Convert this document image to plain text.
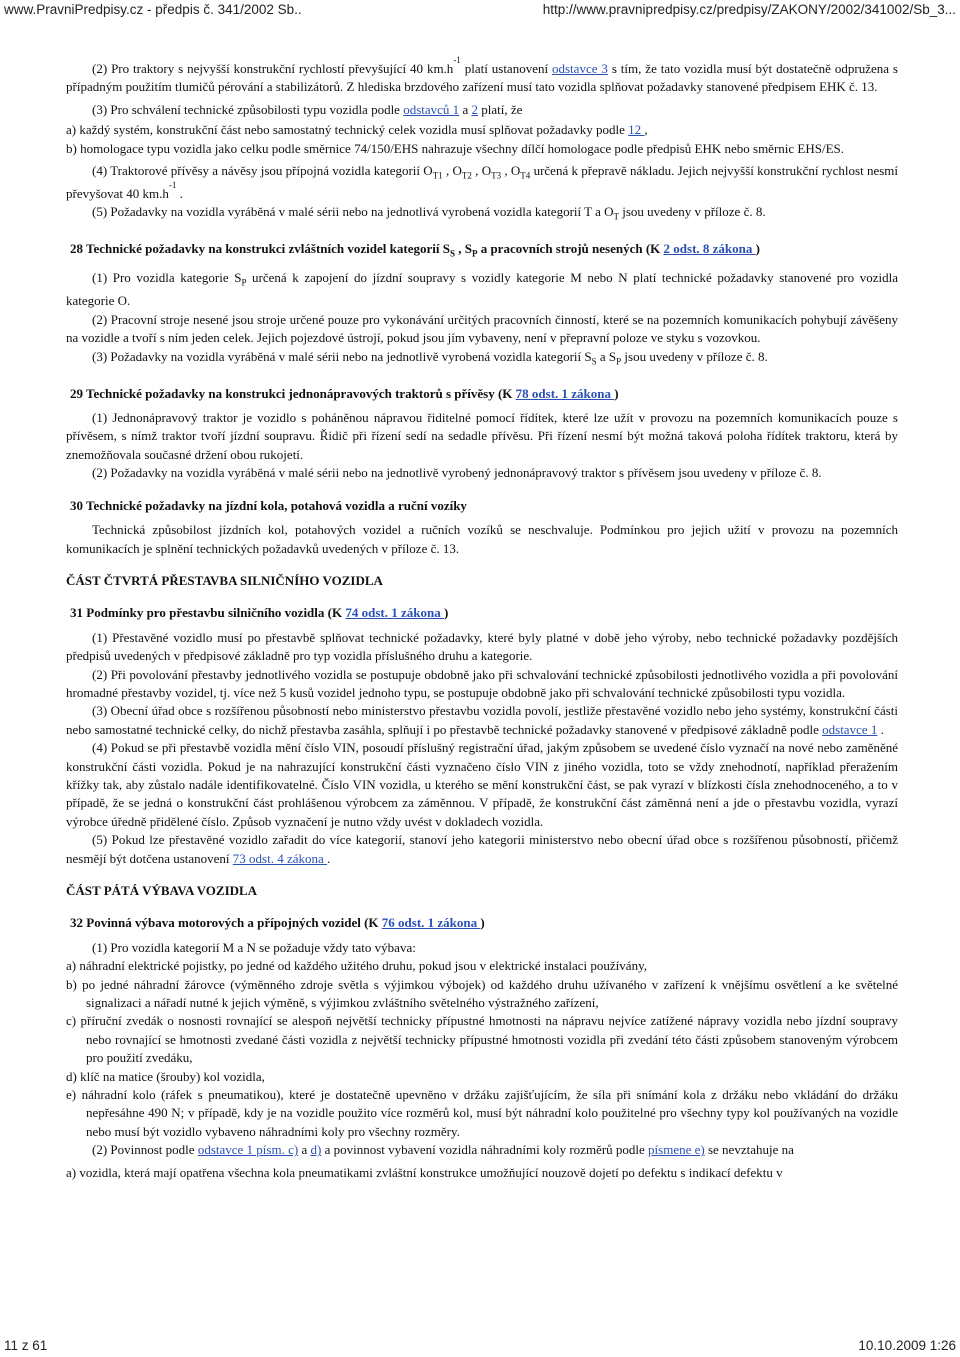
www.PravniPredpisy.cz - předpis č. 341/2002 Sb..	http://www.pravnipredpisy.cz/predpisy/ZAKONY/2002/341002/Sb_3...

(2) Pro traktory s nejvyšší konstrukční rychlostí převyšující 40 $km.h^{-1}$ platí ustanovení odstavce 3 s tím, že tato vozidla musí být dostatečně odpružena s případným použitím tlumičů pérování a stabilizátorů. Z hlediska brzdového zařízení musí tato vozidla splňovat požadavky stanovené předpisem EHK č. 13.

(3) Pro schválení technické způsobilosti typu vozidla podle odstavců 1 a 2 platí, že

a) každý systém, konstrukční část nebo samostatný technický celek vozidla musí splňovat požadavky podle 12 ,

b) homologace typu vozidla jako celku podle směrnice 74/150/EHS nahrazuje všechny dílčí homologace podle předpisů EHK nebo směrnic EHS/ES.

(4) Traktorové přívěsy a návěsy jsou přípojná vozidla kategorií $O_{T1}$ , $O_{T2}$ , $O_{T3}$ , $O_{T4}$ určená k přepravě nákladu. Jejich nejvyšší konstrukční rychlost nesmí převyšovat 40 $km.h^{-1}$ .

(5) Požadavky na vozidla vyráběná v malé sérii nebo na jednotlivá vyrobená vozidla kategorií T a $O_T$ jsou uvedeny v příloze č. 8.

28 Technické požadavky na konstrukci zvláštních vozidel kategorií $S_S$ , $S_P$ a pracovních strojů nesených (K 2 odst. 8 zákona )

(1) Pro vozidla kategorie $S_P$ určená k zapojení do jízdní soupravy s vozidly kategorie M nebo N platí technické požadavky stanovené pro vozidla kategorie O.

(2) Pracovní stroje nesené jsou stroje určené pouze pro vykonávání určitých pracovních činností, které se na pozemních komunikacích pohybují závěšeny na vozidle a tvoří s ním jeden celek. Jejich pojezdové ústrojí, pokud jsou jím vybaveny, není v přepravní poloze ve styku s vozovkou.

(3) Požadavky na vozidla vyráběná v malé sérii nebo na jednotlivě vyrobená vozidla kategorií $S_S$ a $S_P$ jsou uvedeny v příloze č. 8.

29 Technické požadavky na konstrukci jednonápravových traktorů s přívěsy (K 78 odst. 1 zákona )

(1) Jednonápravový traktor je vozidlo s poháněnou nápravou řiditelné pomocí řídítek, které lze užít v provozu na pozemních komunikacích pouze s přívěsem, s nímž traktor tvoří jízdní soupravu. Řidič při řízení sedí na sedadle přívěsu. Při řízení nesmí být možná taková poloha řídítek traktoru, která by znemožňovala současné držení obou rukojetí.

(2) Požadavky na vozidla vyráběná v malé sérii nebo na jednotlivě vyrobený jednonápravový traktor s přívěsem jsou uvedeny v příloze č. 8.

30 Technické požadavky na jízdní kola, potahová vozidla a ruční vozíky

Technická způsobilost jízdních kol, potahových vozidel a ručních vozíků se neschvaluje. Podmínkou pro jejich užití v provozu na pozemních komunikacích je splnění technických požadavků uvedených v příloze č. 13.

ČÁST ČTVRTÁ PŘESTAVBA SILNIČNÍHO VOZIDLA

31 Podmínky pro přestavbu silničního vozidla (K 74 odst. 1 zákona )

(1) Přestavěné vozidlo musí po přestavbě splňovat technické požadavky, které byly platné v době jeho výroby, nebo technické požadavky pozdějších předpisů uvedených v předpisové základně pro typ vozidla příslušného druhu a kategorie.

(2) Při povolování přestavby jednotlivého vozidla se postupuje obdobně jako při schvalování technické způsobilosti jednotlivého vozidla a při povolování hromadné přestavby vozidel, tj. více než 5 kusů vozidel jednoho typu, se postupuje obdobně jako při schvalování technické způsobilosti typu vozidla.

(3) Obecní úřad obce s rozšířenou působností nebo ministerstvo přestavbu vozidla povolí, jestliže přestavěné vozidlo nebo jeho systémy, konstrukční části nebo samostatné technické celky, do nichž přestavba zasáhla, splňují i po přestavbě technické požadavky stanovené v předpisové základně podle odstavce 1 .

(4) Pokud se při přestavbě vozidla mění číslo VIN, posoudí příslušný registrační úřad, jakým způsobem se uvedené číslo vyznačí na nové nebo zaměněné konstrukční části vozidla. Pokud je na nahrazující konstrukční části vyznačeno číslo VIN z jiného vozidla, toto se vždy znehodnotí, například přeražením křížky tak, aby zůstalo nadále identifikovatelné. Číslo VIN vozidla, u kterého se mění konstrukční část, se pak vyrazí v blízkosti čísla znehodnoceného, a to v případě, že se jedná o konstrukční část prohlášenou výrobcem za záměnnou. V případě, že konstrukční část záměnná není a jde o přestavbu vozidla, vyrazí výrobce úředně přidělené číslo. Způsob vyznačení je nutno vždy uvést v dokladech vozidla.

(5) Pokud lze přestavěné vozidlo zařadit do více kategorií, stanoví jeho kategorii ministerstvo nebo obecní úřad obce s rozšířenou působností, přičemž nesmějí být dotčena ustanovení 73 odst. 4 zákona .

ČÁST PÁTÁ VÝBAVA VOZIDLA

32 Povinná výbava motorových a přípojných vozidel (K 76 odst. 1 zákona )

(1) Pro vozidla kategorií M a N se požaduje vždy tato výbava:

a) náhradní elektrické pojistky, po jedné od každého užitého druhu, pokud jsou v elektrické instalaci používány,

b) po jedné náhradní žárovce (výměnného zdroje světla s výjimkou výbojek) od každého druhu užívaného v zařízení k vnějšímu osvětlení a ke světelné signalizaci a nářadí nutné k jejich výměně, s výjimkou zvláštního světelného výstražného zařízení,

c) příruční zvedák o nosnosti rovnající se alespoň největší technicky přípustné hmotnosti na nápravu nejvíce zatížené nápravy vozidla nebo jízdní soupravy nebo rovnající se hmotnosti zvedané části vozidla z největší technicky přípustné hmotnosti vozidla při zvedání této části způsobem stanoveným výrobcem pro použití zvedáku,

d) klíč na matice (šrouby) kol vozidla,

e) náhradní kolo (ráfek s pneumatikou), které je dostatečně upevněno v držáku zajišťujícím, že síla při snímání kola z držáku nebo vkládání do držáku nepřesáhne 490 N; v případě, kdy je na vozidle použito více rozměrů kol, musí být náhradní kolo použitelné pro všechny typy kol používaných na vozidle nebo musí být vozidlo vybaveno náhradními koly pro všechny rozměry.

(2) Povinnost podle odstavce 1 písm. c) a d) a povinnost vybavení vozidla náhradními koly rozměrů podle písmene e) se nevztahuje na

a) vozidla, která mají opatřena všechna kola pneumatikami zvláštní konstrukce umožňující nouzově dojetí po defektu s indikací defektu v

11 z 61	10.10.2009 1:26
